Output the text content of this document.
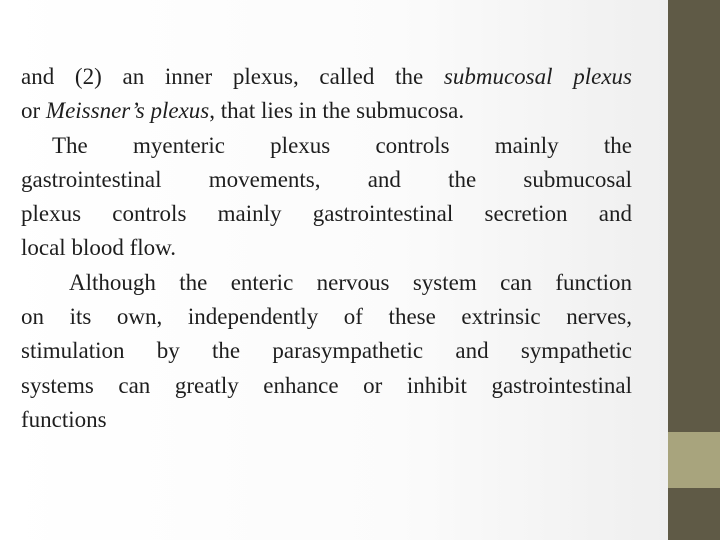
and (2) an inner plexus, called the submucosal plexus
or Meissner’s plexus, that lies in the submucosa.

The myenteric plexus controls mainly the
gastrointestinal movements, and the submucosal
plexus controls mainly gastrointestinal secretion and
local blood flow.

Although the enteric nervous system can function
on its own, independently of these extrinsic nerves,
stimulation by the parasympathetic and sympathetic
systems can greatly enhance or inhibit gastrointestinal
functions
